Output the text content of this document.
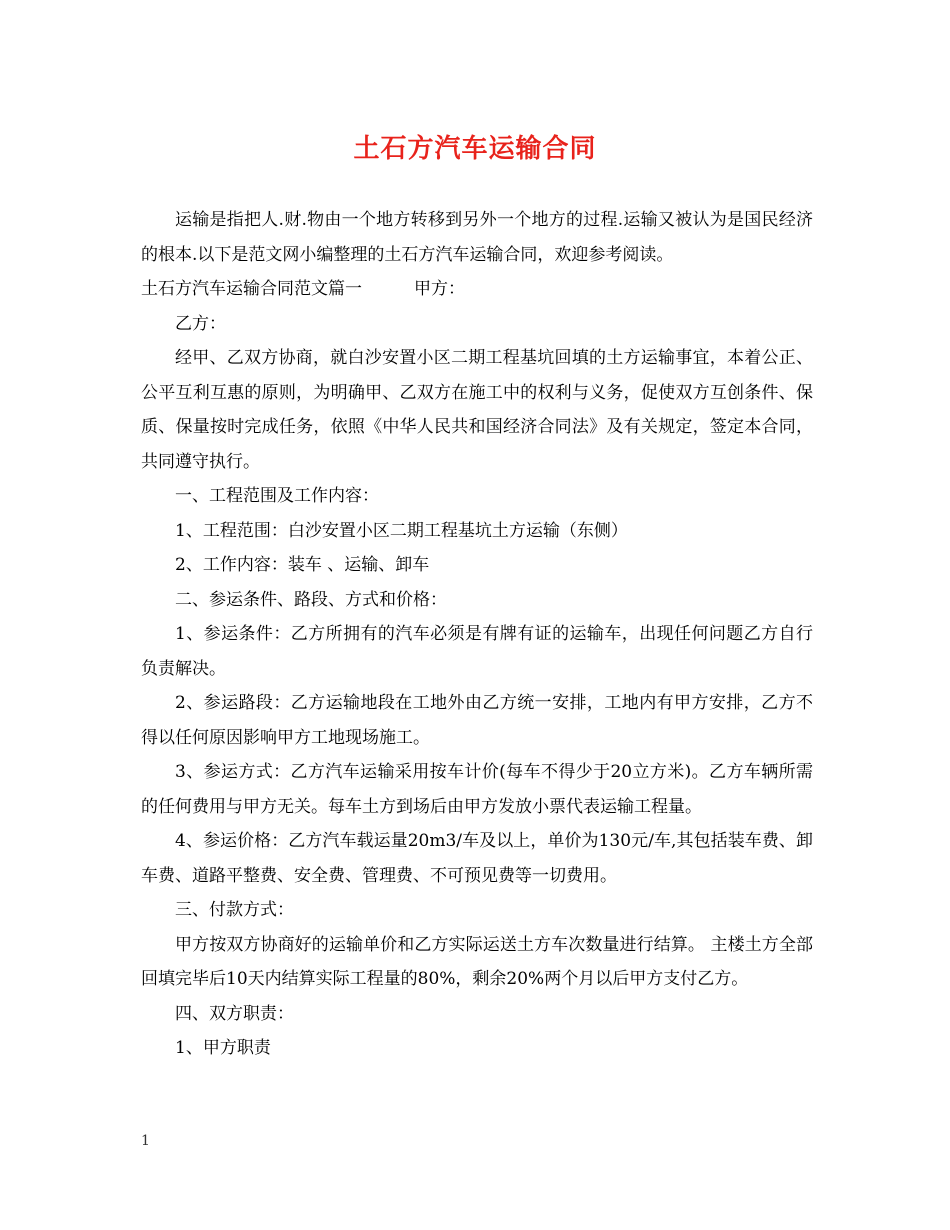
土石方汽车运输合同

运输是指把人.财.物由一个地方转移到另外一个地方的过程.运输又被认为是国民经济的根本.以下是范文网小编整理的土石方汽车运输合同，欢迎参考阅读。

土石方汽车运输合同范文篇一	甲方：

乙方：

经甲、乙双方协商，就白沙安置小区二期工程基坑回填的土方运输事宜，本着公正、公平互利互惠的原则，为明确甲、乙双方在施工中的权利与义务，促使双方互创条件、保质、保量按时完成任务，依照《中华人民共和国经济合同法》及有关规定，签定本合同，共同遵守执行。

一、工程范围及工作内容：

1、工程范围：白沙安置小区二期工程基坑土方运输（东侧）

2、工作内容：装车 、运输、卸车

二、参运条件、路段、方式和价格：

1、参运条件：乙方所拥有的汽车必须是有牌有证的运输车，出现任何问题乙方自行负责解决。

2、参运路段：乙方运输地段在工地外由乙方统一安排，工地内有甲方安排，乙方不得以任何原因影响甲方工地现场施工。

3、参运方式：乙方汽车运输采用按车计价(每车不得少于20立方米)。乙方车辆所需的任何费用与甲方无关。每车土方到场后由甲方发放小票代表运输工程量。

4、参运价格：乙方汽车载运量20m3/车及以上，单价为130元/车,其包括装车费、卸车费、道路平整费、安全费、管理费、不可预见费等一切费用。

三、付款方式：

甲方按双方协商好的运输单价和乙方实际运送土方车次数量进行结算。 主楼土方全部回填完毕后10天内结算实际工程量的80%，剩余20%两个月以后甲方支付乙方。

四、双方职责：

1、甲方职责

1
